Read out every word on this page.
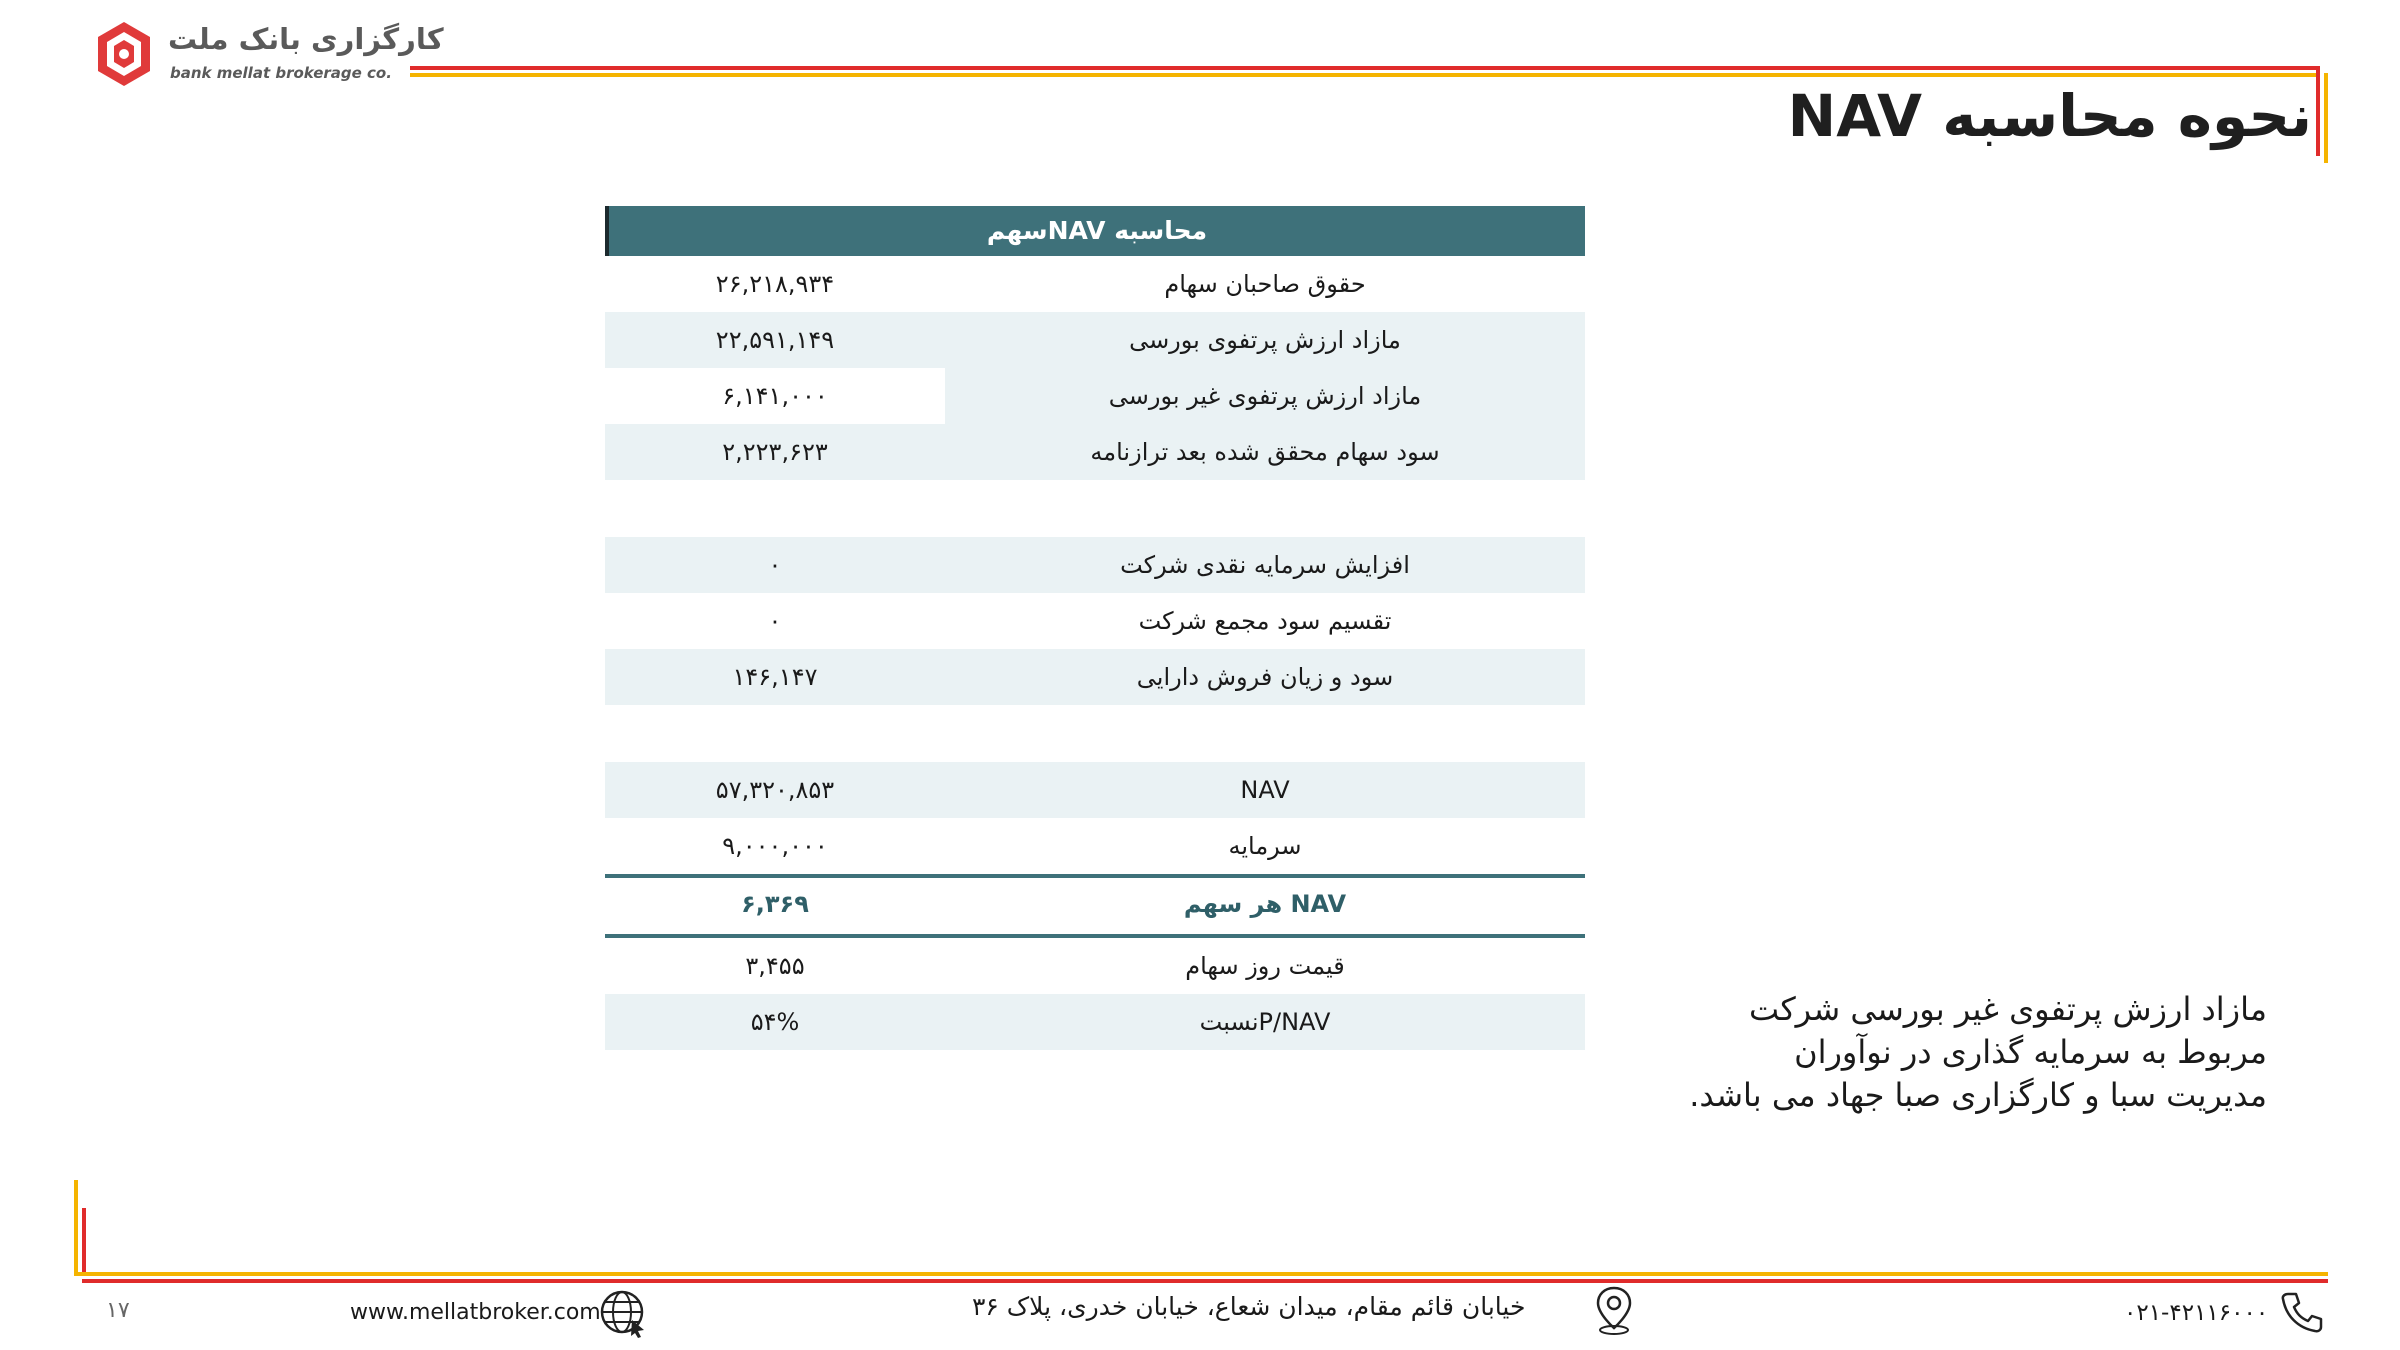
کارگزاری بانک ملت
bank mellat brokerage co.
نحوه محاسبه NAV
محاسبه NAVسهم
۲۶,۲۱۸,۹۳۴	حقوق صاحبان سهام
۲۲,۵۹۱,۱۴۹	مازاد ارزش پرتفوی بورسی
۶,۱۴۱,۰۰۰	مازاد ارزش پرتفوی غیر بورسی
۲,۲۲۳,۶۲۳	سود سهام محقق شده بعد ترازنامه
۰	افزایش سرمایه نقدی شرکت
۰	تقسیم سود مجمع شرکت
۱۴۶,۱۴۷	سود و زیان فروش دارایی
۵۷,۳۲۰,۸۵۳	NAV
۹,۰۰۰,۰۰۰	سرمایه
۶,۳۶۹	NAV هر سهم
۳,۴۵۵	قیمت روز سهام
۵۴%	P/NAVنسبت	مازاد ارزش پرتفوی غیر بورسی شرکت
مربوط به سرمایه گذاری در نوآوران
مدیریت سبا و کارگزاری صبا جهاد می باشد.
۱۷	www.mellatbroker.com	خیابان قائم مقام، میدان شعاع، خیابان خدری، پلاک ۳۶	۰۲۱-۴۲۱۱۶۰۰۰
